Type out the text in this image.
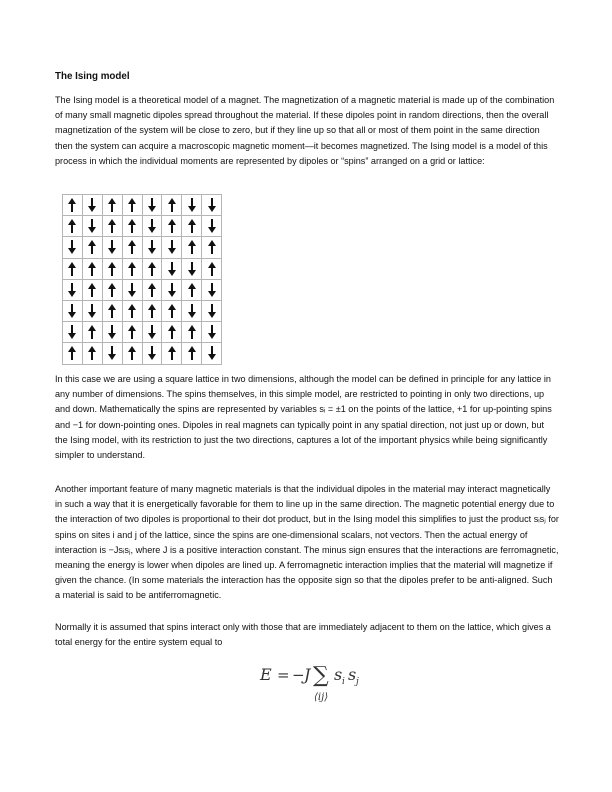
The Ising model

The Ising model is a theoretical model of a magnet. The magnetization of a magnetic material is made up of the combination of many small magnetic dipoles spread throughout the material. If these dipoles point in random directions, then the overall magnetization of the system will be close to zero, but if they line up so that all or most of them point in the same direction then the system can acquire a macroscopic magnetic moment—it becomes magnetized. The Ising model is a model of this process in which the individual moments are represented by dipoles or “spins” arranged on a grid or lattice:

In this case we are using a square lattice in two dimensions, although the model can be defined in principle for any lattice in any number of dimensions. The spins themselves, in this simple model, are restricted to pointing in only two directions, up and down. Mathematically the spins are represented by variables sᵢ = ±1 on the points of the lattice, +1 for up-pointing spins and −1 for down-pointing ones. Dipoles in real magnets can typically point in any spatial direction, not just up or down, but the Ising model, with its restriction to just the two directions, captures a lot of the important physics while being significantly simpler to understand.

Another important feature of many magnetic materials is that the individual dipoles in the material may interact magnetically in such a way that it is energetically favorable for them to line up in the same direction. The magnetic potential energy due to the interaction of two dipoles is proportional to their dot product, but in the Ising model this simplifies to just the product sᵢsⱼ for spins on sites i and j of the lattice, since the spins are one-dimensional scalars, not vectors. Then the actual energy of interaction is −Jsᵢsⱼ, where J is a positive interaction constant. The minus sign ensures that the interactions are ferromagnetic, meaning the energy is lower when dipoles are lined up. A ferromagnetic interaction implies that the material will magnetize if given the chance. (In some materials the interaction has the opposite sign so that the dipoles prefer to be anti-aligned. Such a material is said to be antiferromagnetic.

Normally it is assumed that spins interact only with those that are immediately adjacent to them on the lattice, which gives a total energy for the entire system equal to

E = − J ∑
⟨ij⟩
s i s j
